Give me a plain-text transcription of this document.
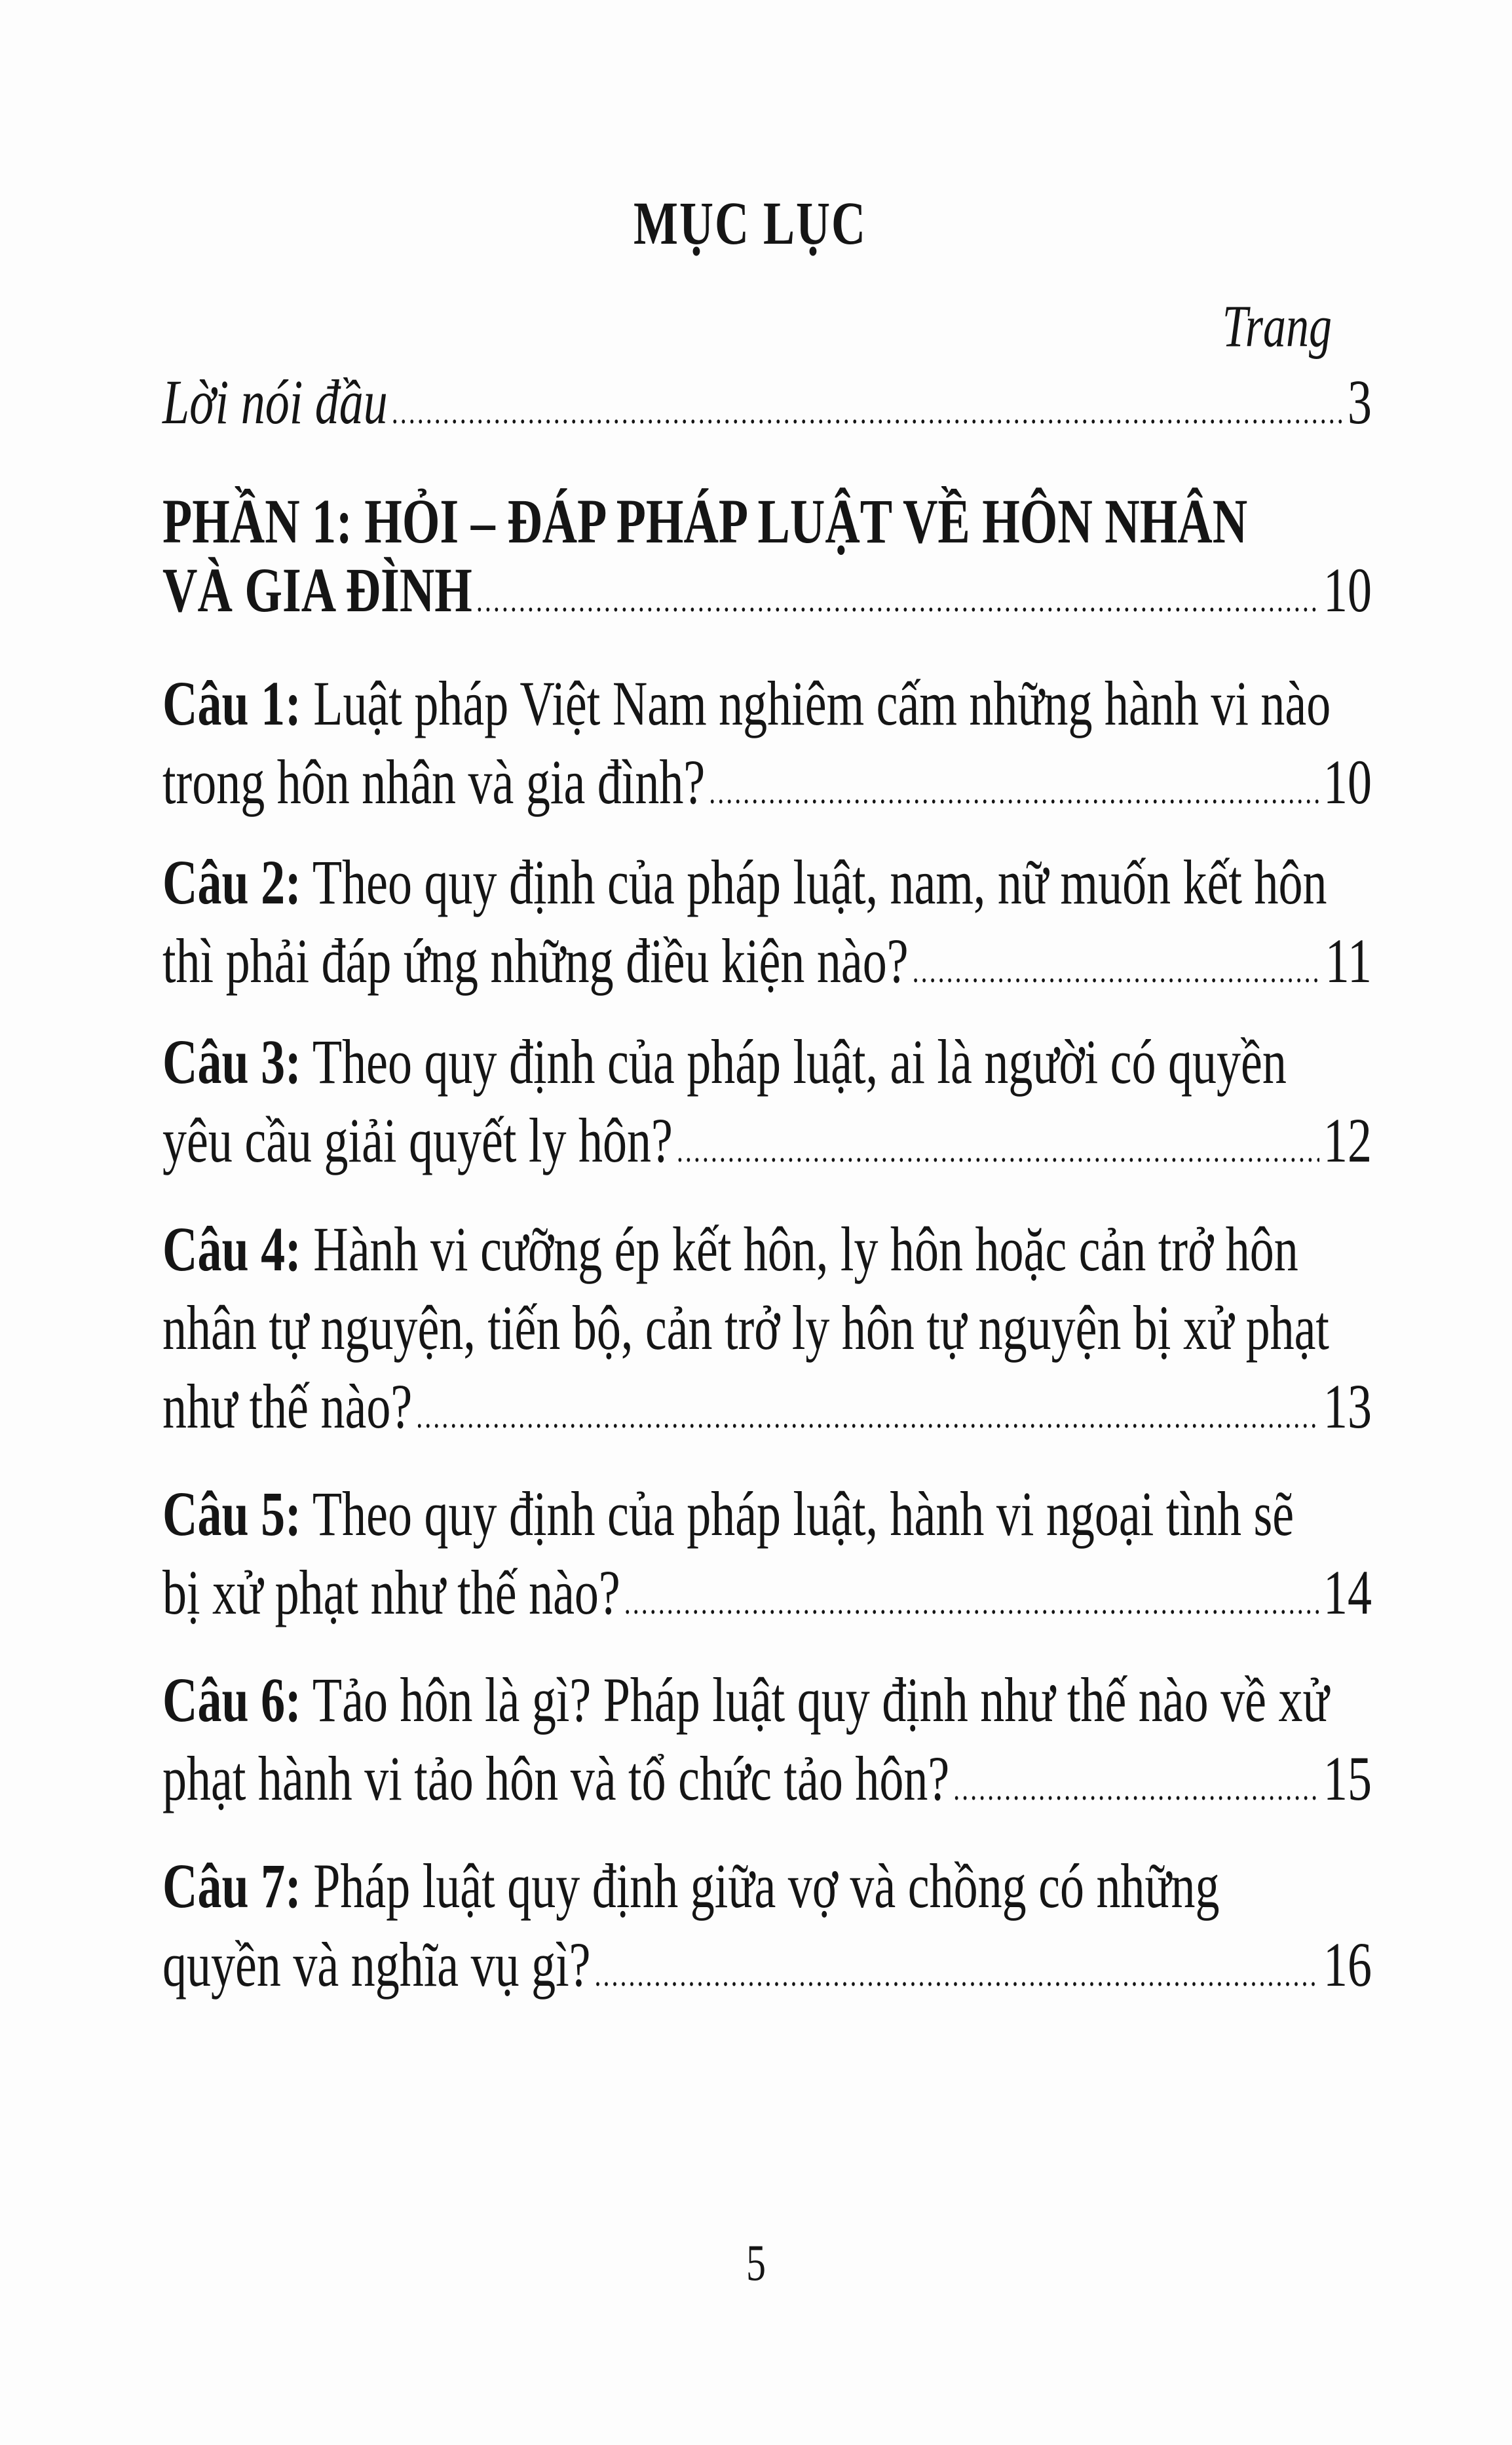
MỤC LỤC
Trang
Lời nói đầu .....	3
PHẦN 1: HỎI – ĐÁP PHÁP LUẬT VỀ HÔN NHÂN
VÀ GIA ĐÌNH .....	10
Câu 1: Luật pháp Việt Nam nghiêm cấm những hành vi nào
trong hôn nhân và gia đình? .....	10
Câu 2: Theo quy định của pháp luật, nam, nữ muốn kết hôn
thì phải đáp ứng những điều kiện nào? .....	11
Câu 3: Theo quy định của pháp luật, ai là người có quyền
yêu cầu giải quyết ly hôn? .....	12
Câu 4: Hành vi cưỡng ép kết hôn, ly hôn hoặc cản trở hôn
nhân tự nguyện, tiến bộ, cản trở ly hôn tự nguyện bị xử phạt
như thế nào? .....	13
Câu 5: Theo quy định của pháp luật, hành vi ngoại tình sẽ
bị xử phạt như thế nào? .....	14
Câu 6: Tảo hôn là gì? Pháp luật quy định như thế nào về xử
phạt hành vi tảo hôn và tổ chức tảo hôn? .....	15
Câu 7: Pháp luật quy định giữa vợ và chồng có những
quyền và nghĩa vụ gì? .....	16
5
